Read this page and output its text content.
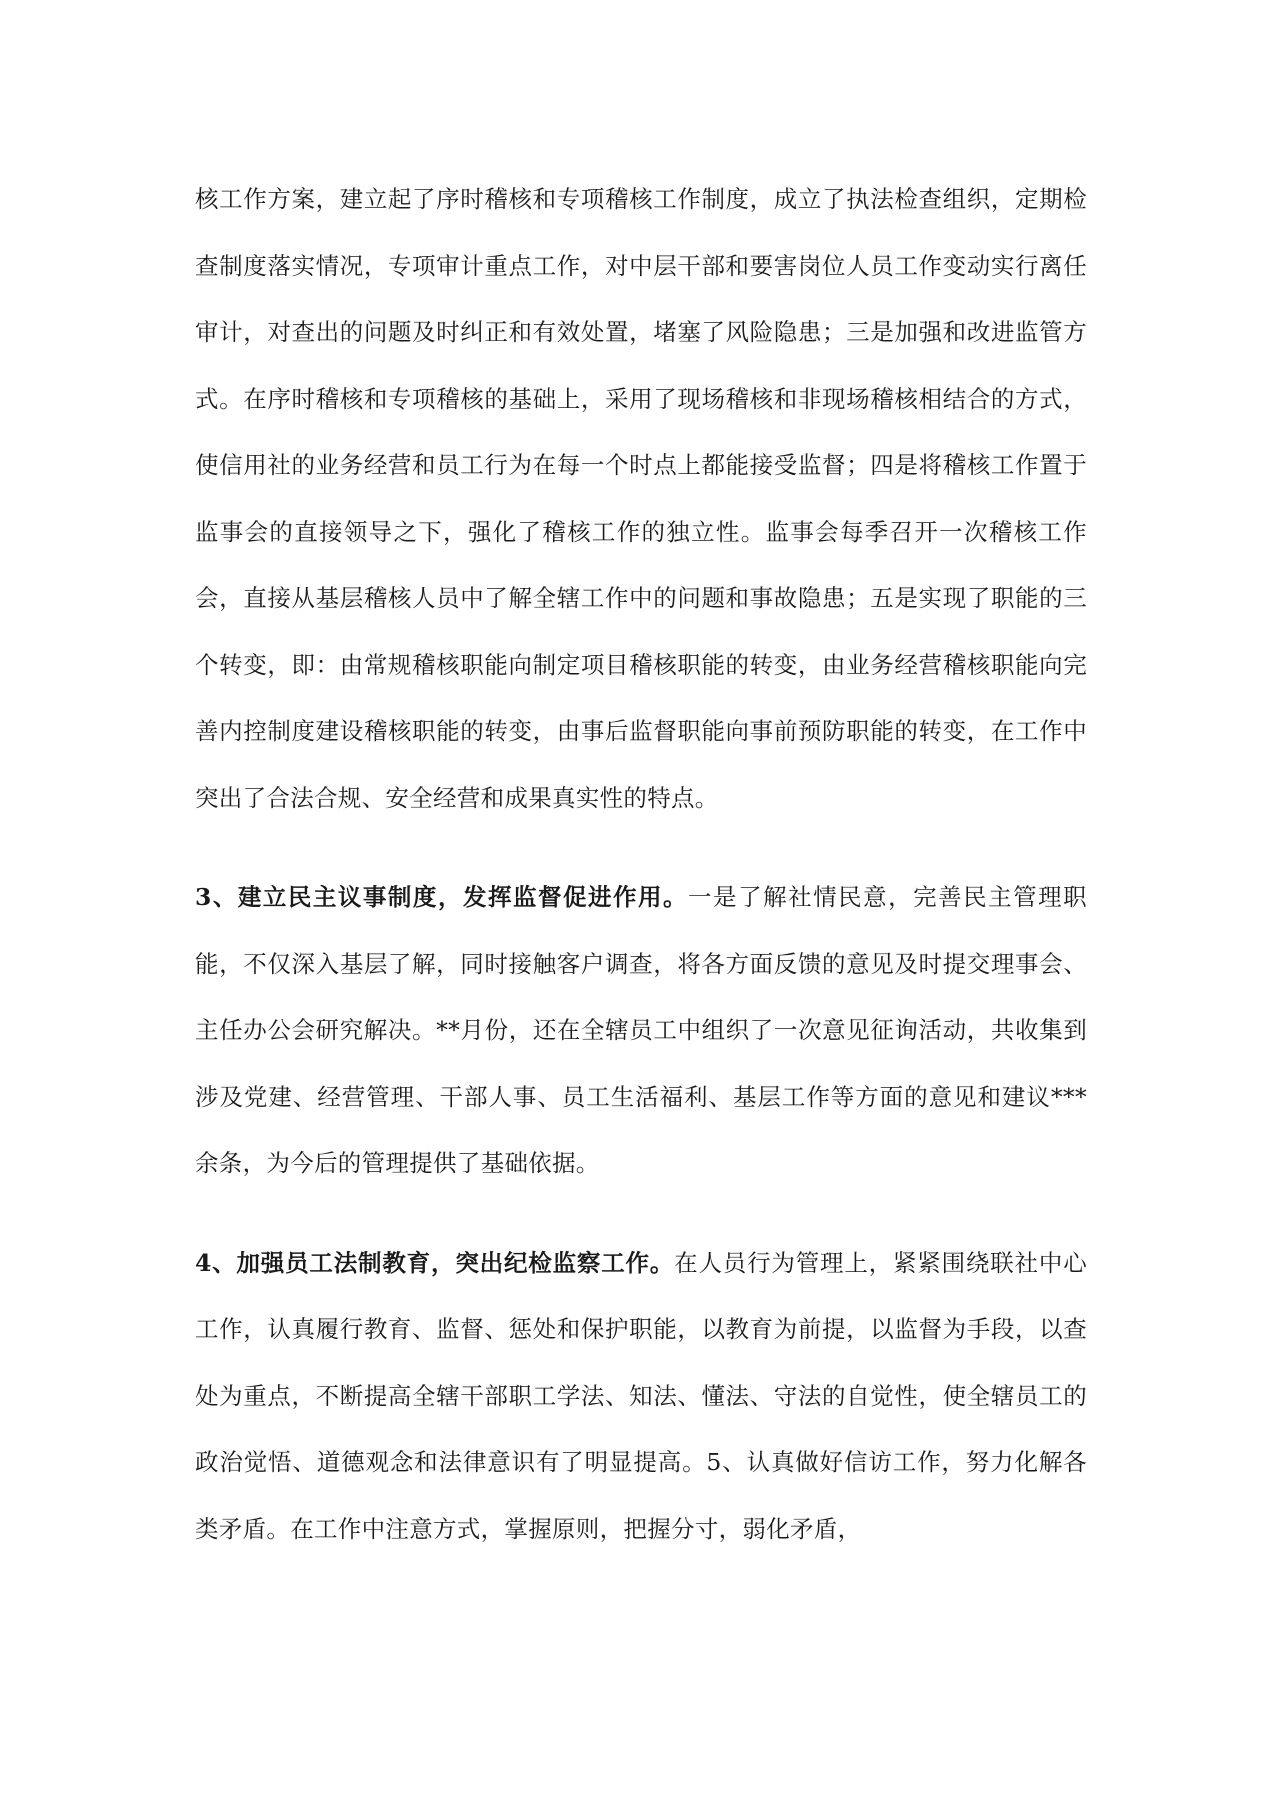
核工作方案，建立起了序时稽核和专项稽核工作制度，成立了执法检查组织，定期检查制度落实情况，专项审计重点工作，对中层干部和要害岗位人员工作变动实行离任审计，对查出的问题及时纠正和有效处置，堵塞了风险隐患；三是加强和改进监管方式。在序时稽核和专项稽核的基础上，采用了现场稽核和非现场稽核相结合的方式，使信用社的业务经营和员工行为在每一个时点上都能接受监督；四是将稽核工作置于监事会的直接领导之下，强化了稽核工作的独立性。监事会每季召开一次稽核工作会，直接从基层稽核人员中了解全辖工作中的问题和事故隐患；五是实现了职能的三个转变，即：由常规稽核职能向制定项目稽核职能的转变，由业务经营稽核职能向完善内控制度建设稽核职能的转变，由事后监督职能向事前预防职能的转变，在工作中突出了合法合规、安全经营和成果真实性的特点。

3、建立民主议事制度，发挥监督促进作用。一是了解社情民意，完善民主管理职能，不仅深入基层了解，同时接触客户调查，将各方面反馈的意见及时提交理事会、主任办公会研究解决。**月份，还在全辖员工中组织了一次意见征询活动，共收集到涉及党建、经营管理、干部人事、员工生活福利、基层工作等方面的意见和建议***余条，为今后的管理提供了基础依据。

4、加强员工法制教育，突出纪检监察工作。在人员行为管理上，紧紧围绕联社中心工作，认真履行教育、监督、惩处和保护职能，以教育为前提，以监督为手段，以查处为重点，不断提高全辖干部职工学法、知法、懂法、守法的自觉性，使全辖员工的政治觉悟、道德观念和法律意识有了明显提高。5、认真做好信访工作，努力化解各类矛盾。在工作中注意方式，掌握原则，把握分寸，弱化矛盾，
